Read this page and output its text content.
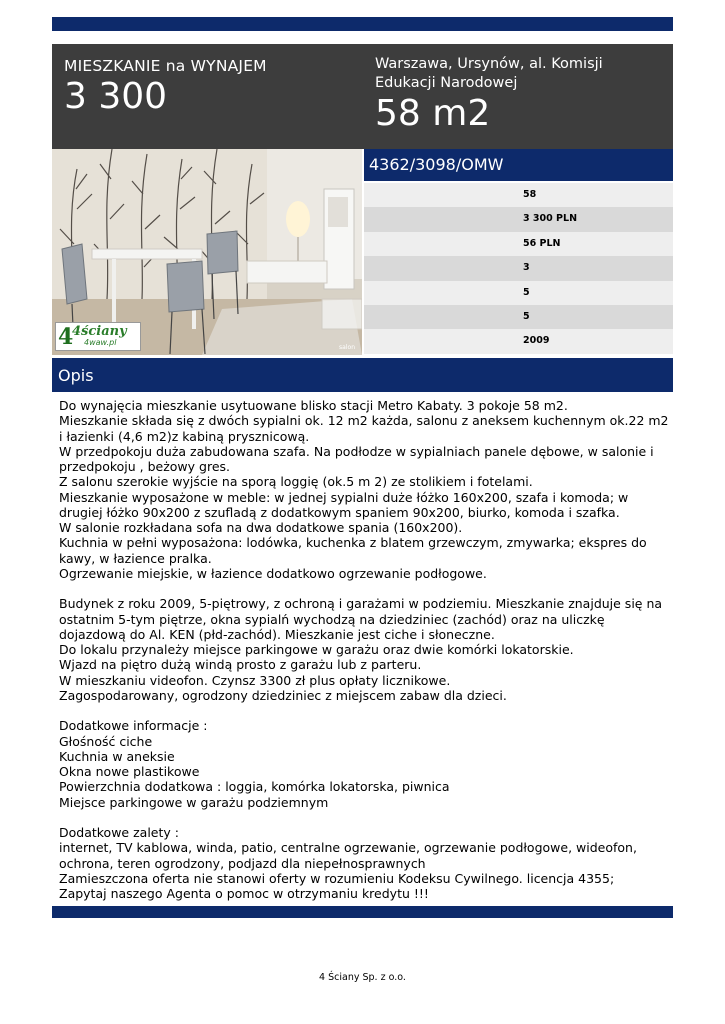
MIESZKANIE na WYNAJEM
3 300
Warszawa, Ursynów, al. Komisji Edukacji Narodowej
58 m2
4
4ściany
4waw.pl
salon
4362/3098/OMW
58
3 300 PLN
56 PLN
3
5
5
2009
Opis
Do wynajęcia mieszkanie usytuowane blisko stacji Metro Kabaty. 3 pokoje 58 m2.
Mieszkanie składa się z dwóch sypialni ok. 12 m2 każda, salonu z aneksem kuchennym ok.22 m2 i łazienki (4,6 m2)z kabiną prysznicową.
W przedpokoju duża zabudowana szafa. Na podłodze w sypialniach panele dębowe, w salonie i przedpokoju , beżowy gres.
Z salonu szerokie wyjście na sporą loggię (ok.5 m 2) ze stolikiem i fotelami.
Mieszkanie wyposażone w meble: w jednej sypialni duże łóżko 160x200, szafa i komoda; w drugiej łóżko 90x200 z szufladą z dodatkowym spaniem 90x200, biurko, komoda i szafka.
W salonie rozkładana sofa na dwa dodatkowe spania (160x200).
Kuchnia w pełni wyposażona: lodówka, kuchenka z blatem grzewczym, zmywarka; ekspres do kawy, w łazience pralka.
Ogrzewanie miejskie, w łazience dodatkowo ogrzewanie podłogowe.

Budynek z roku 2009, 5-piętrowy, z ochroną i garażami w podziemiu. Mieszkanie znajduje się na ostatnim 5-tym piętrze, okna sypialń wychodzą na dziedziniec (zachód) oraz na uliczkę dojazdową do Al. KEN (płd-zachód). Mieszkanie jest ciche i słoneczne.
Do lokalu przynależy miejsce parkingowe w garażu oraz dwie komórki lokatorskie.
Wjazd na piętro dużą windą prosto z garażu lub z parteru.
W mieszkaniu videofon. Czynsz 3300 zł plus opłaty licznikowe.
Zagospodarowany, ogrodzony dziedziniec z miejscem zabaw dla dzieci.

Dodatkowe informacje :
Głośność ciche
Kuchnia w aneksie
Okna nowe plastikowe
Powierzchnia dodatkowa : loggia, komórka lokatorska, piwnica
Miejsce parkingowe w garażu podziemnym

Dodatkowe zalety :
internet, TV kablowa, winda, patio, centralne ogrzewanie, ogrzewanie podłogowe, wideofon, ochrona, teren ogrodzony, podjazd dla niepełnosprawnych
Zamieszczona oferta nie stanowi oferty w rozumieniu Kodeksu Cywilnego. licencja 4355;
Zapytaj naszego Agenta o pomoc w otrzymaniu kredytu !!!
4 Ściany Sp. z o.o.
